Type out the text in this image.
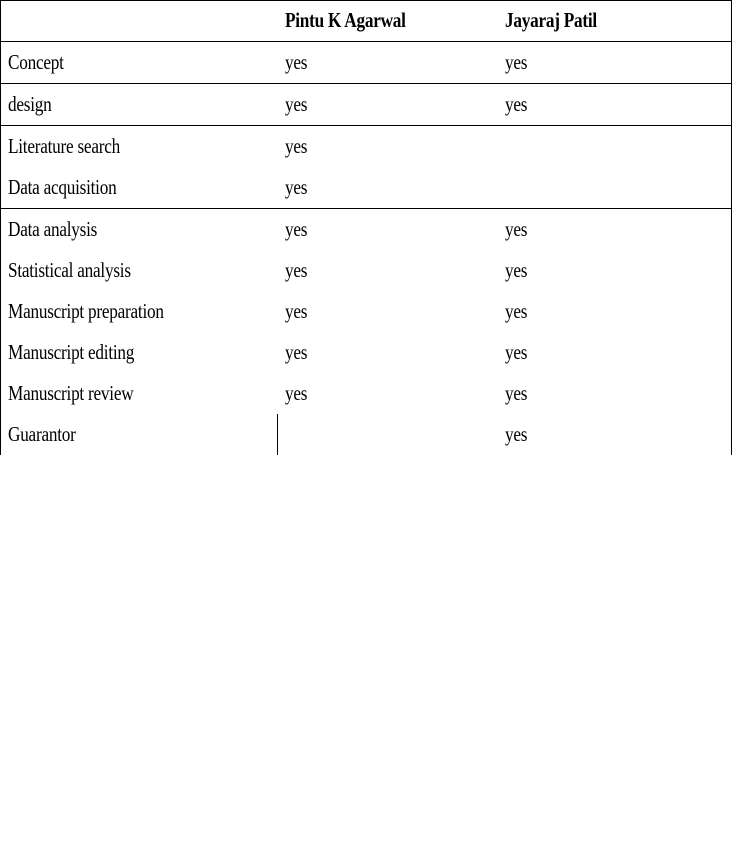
	Pintu K Agarwal	Jayaraj Patil
Concept	yes	yes
design	yes	yes
Literature search	yes	
Data acquisition	yes	
Data analysis	yes	yes
Statistical analysis	yes	yes
Manuscript preparation	yes	yes
Manuscript editing	yes	yes
Manuscript review	yes	yes
Guarantor		yes
